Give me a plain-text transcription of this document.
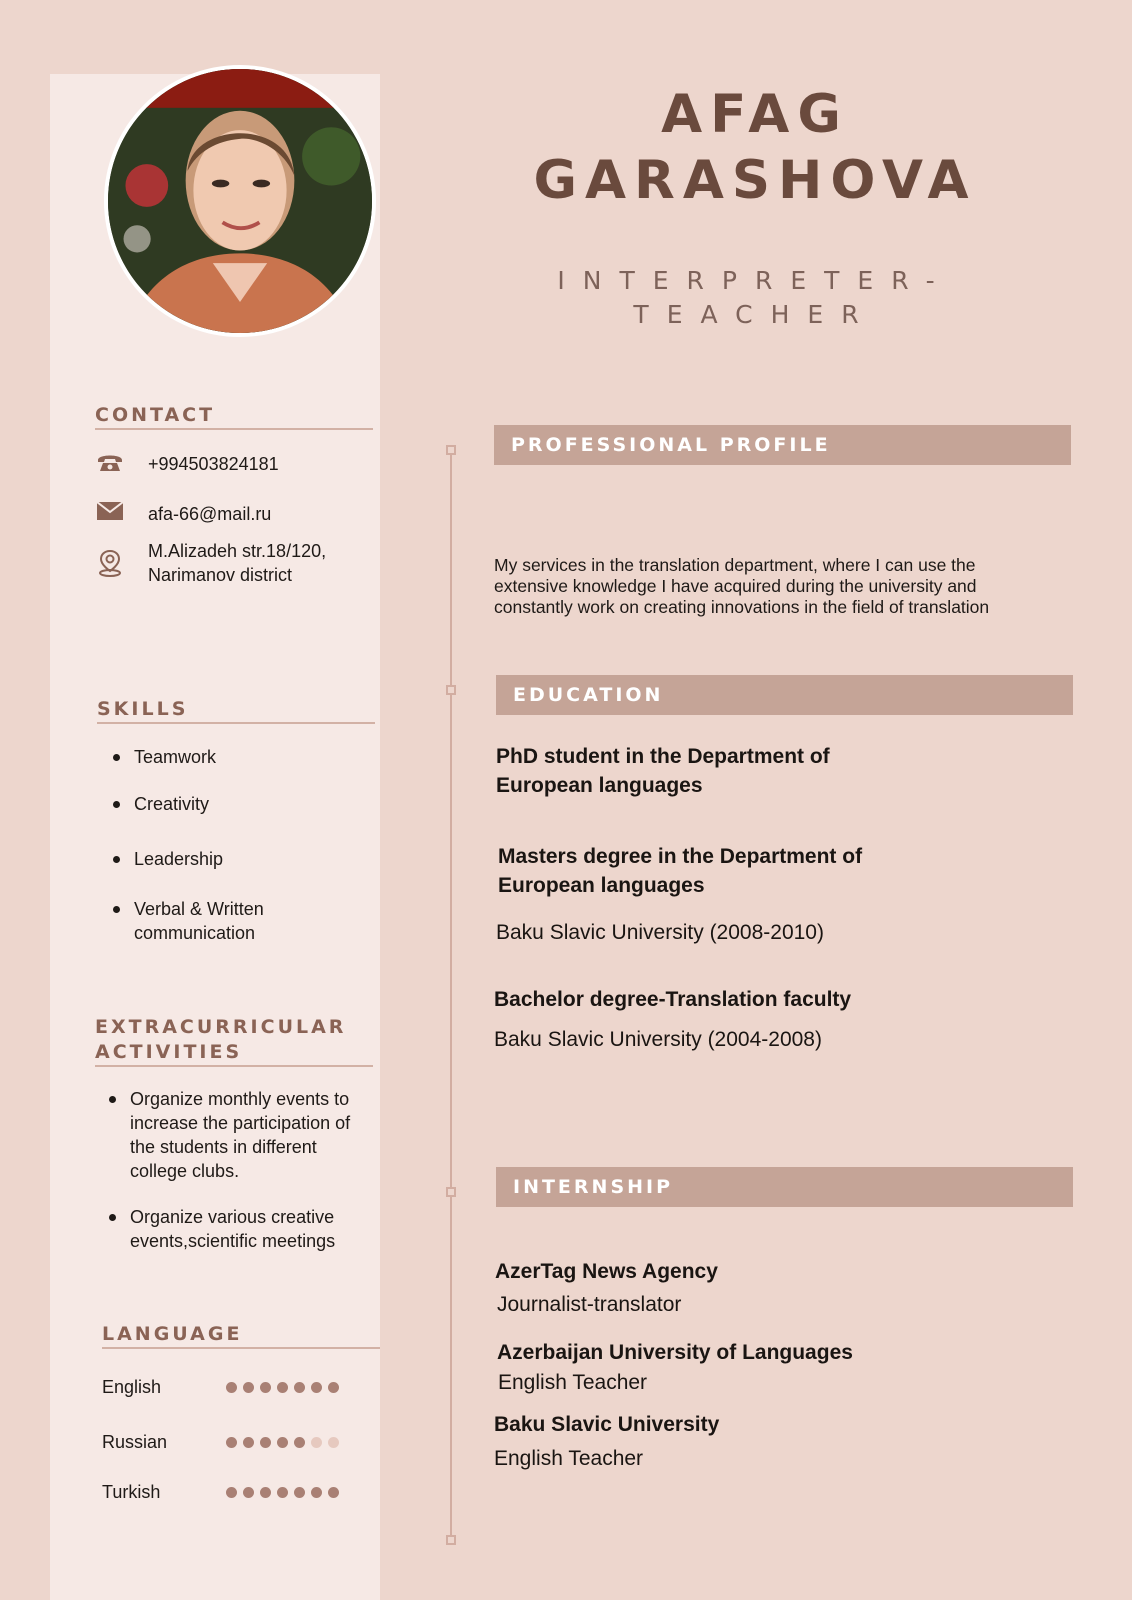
AFAG
GARASHOVA
INTERPRETER-
TEACHER
CONTACT
+994503824181
afa-66@mail.ru
M.Alizadeh str.18/120,
Narimanov district
SKILLS
Teamwork
Creativity
Leadership
Verbal & Written
communication
EXTRACURRICULAR
ACTIVITIES
Organize monthly events to
increase the participation of
the students in different
college clubs.
Organize various creative
events,scientific meetings
LANGUAGE
English
Russian
Turkish
PROFESSIONAL PROFILE
My services in the translation department, where I can use the
extensive knowledge I have acquired during the university and
constantly work on creating innovations in the field of translation
EDUCATION
PhD student in the Department of
European languages
Masters degree in the Department of
European languages
Baku Slavic University (2008-2010)
Bachelor degree-Translation faculty
Baku Slavic University (2004-2008)
INTERNSHIP
AzerTag News Agency
Journalist-translator
Azerbaijan University of Languages
English Teacher
Baku Slavic University
English Teacher
